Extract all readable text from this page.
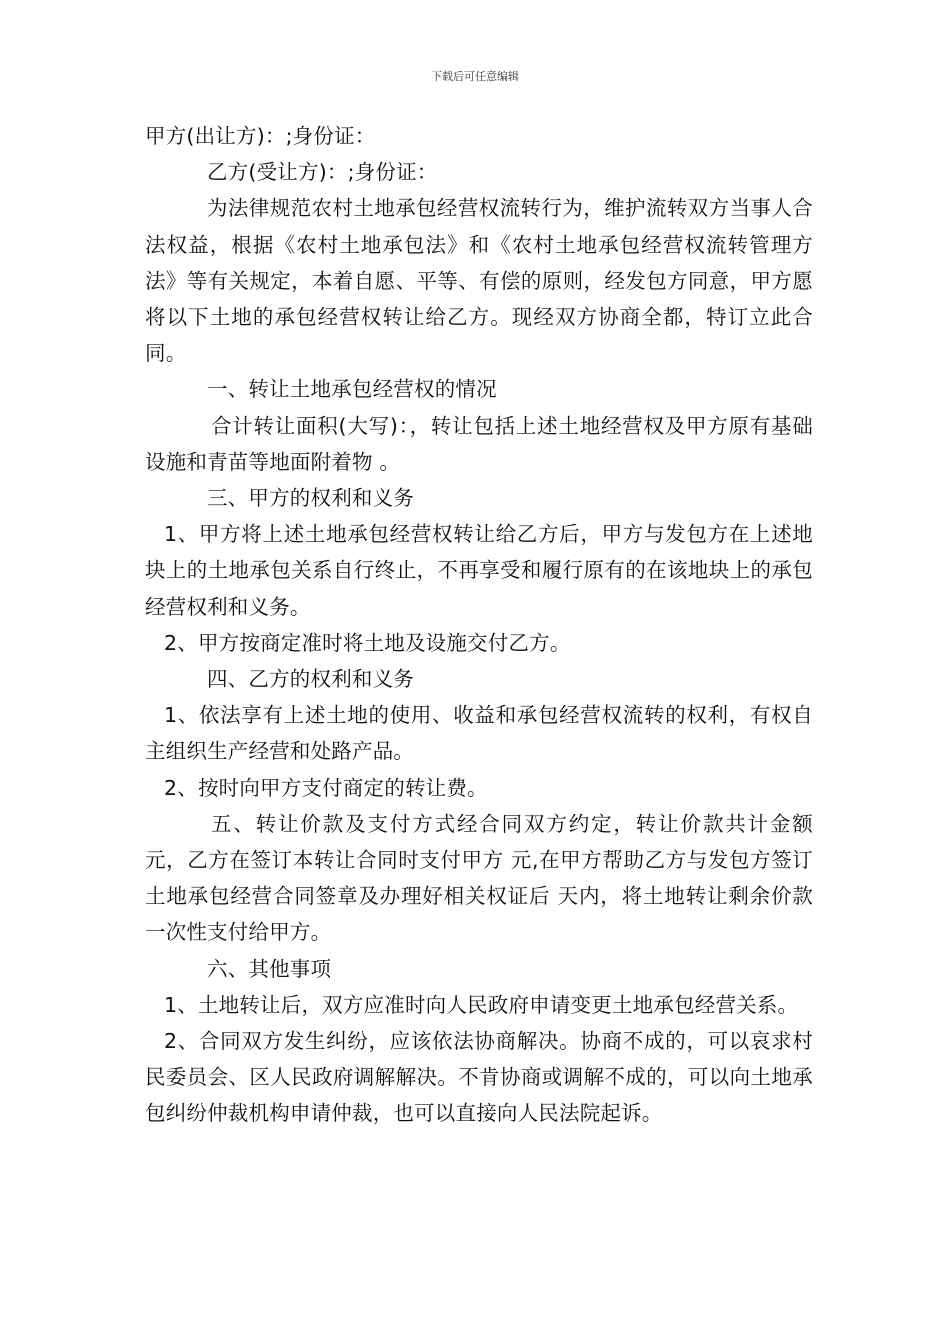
下载后可任意编辑

甲方(出让方)：;身份证：

乙方(受让方)：;身份证：

为法律规范农村土地承包经营权流转行为，维护流转双方当事人合法权益，根据《农村土地承包法》和《农村土地承包经营权流转管理方法》等有关规定，本着自愿、平等、有偿的原则，经发包方同意，甲方愿将以下土地的承包经营权转让给乙方。现经双方协商全都，特订立此合同。

一、转让土地承包经营权的情况

合计转让面积(大写)：，转让包括上述土地经营权及甲方原有基础设施和青苗等地面附着物 。

三、甲方的权利和义务

1、甲方将上述土地承包经营权转让给乙方后，甲方与发包方在上述地块上的土地承包关系自行终止，不再享受和履行原有的在该地块上的承包经营权利和义务。

2、甲方按商定准时将土地及设施交付乙方。

四、乙方的权利和义务

1、依法享有上述土地的使用、收益和承包经营权流转的权利，有权自主组织生产经营和处路产品。

2、按时向甲方支付商定的转让费。

五、转让价款及支付方式经合同双方约定，转让价款共计金额 元，乙方在签订本转让合同时支付甲方 元,在甲方帮助乙方与发包方签订土地承包经营合同签章及办理好相关权证后 天内，将土地转让剩余价款一次性支付给甲方。

六、其他事项

1、土地转让后，双方应准时向人民政府申请变更土地承包经营关系。

2、合同双方发生纠纷，应该依法协商解决。协商不成的，可以哀求村民委员会、区人民政府调解解决。不肯协商或调解不成的，可以向土地承包纠纷仲裁机构申请仲裁，也可以直接向人民法院起诉。
